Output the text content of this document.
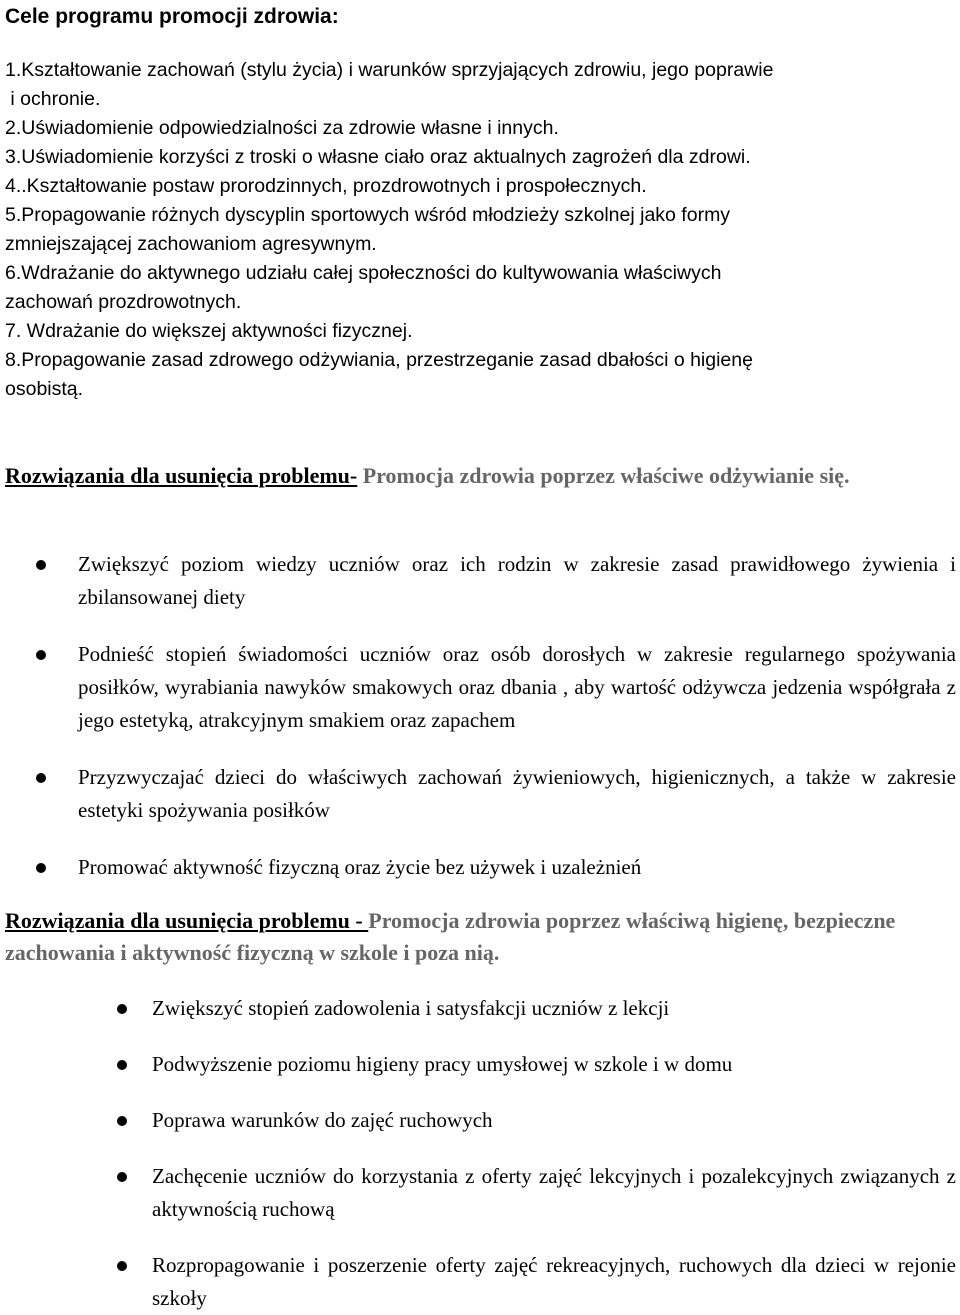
Cele programu promocji zdrowia:
1.Kształtowanie zachowań (stylu życia) i warunków sprzyjających zdrowiu, jego poprawie
i ochronie.
2.Uświadomienie odpowiedzialności za zdrowie własne i innych.
3.Uświadomienie korzyści z troski o własne ciało oraz aktualnych zagrożeń dla zdrowi.
4..Kształtowanie postaw prorodzinnych, prozdrowotnych i prospołecznych.
5.Propagowanie różnych dyscyplin sportowych wśród młodzieży szkolnej jako formy
zmniejszającej zachowaniom agresywnym.
6.Wdrażanie do aktywnego udziału całej społeczności do kultywowania właściwych
zachowań prozdrowotnych.
7. Wdrażanie do większej aktywności fizycznej.
8.Propagowanie zasad zdrowego odżywiania, przestrzeganie zasad dbałości o higienę
osobistą.
Rozwiązania dla usunięcia problemu- Promocja zdrowia poprzez właściwe odżywianie się.
Zwiększyć poziom wiedzy uczniów oraz ich rodzin w zakresie zasad prawidłowego żywienia i zbilansowanej diety
Podnieść stopień świadomości uczniów oraz osób dorosłych w zakresie regularnego spożywania posiłków, wyrabiania nawyków smakowych oraz dbania , aby wartość odżywcza jedzenia współgrała z jego estetyką, atrakcyjnym smakiem oraz zapachem
Przyzwyczajać dzieci do właściwych zachowań żywieniowych, higienicznych, a także w zakresie estetyki spożywania posiłków
Promować aktywność fizyczną oraz życie bez używek i uzależnień
Rozwiązania dla usunięcia problemu - Promocja zdrowia poprzez właściwą higienę, bezpieczne zachowania i aktywność fizyczną w szkole i poza nią.
Zwiększyć stopień zadowolenia i satysfakcji uczniów z lekcji
Podwyższenie poziomu higieny pracy umysłowej w szkole i w domu
Poprawa warunków do zajęć ruchowych
Zachęcenie uczniów do korzystania z oferty zajęć lekcyjnych i pozalekcyjnych związanych z aktywnością ruchową
Rozpropagowanie i poszerzenie oferty zajęć rekreacyjnych, ruchowych dla dzieci w rejonie szkoły
